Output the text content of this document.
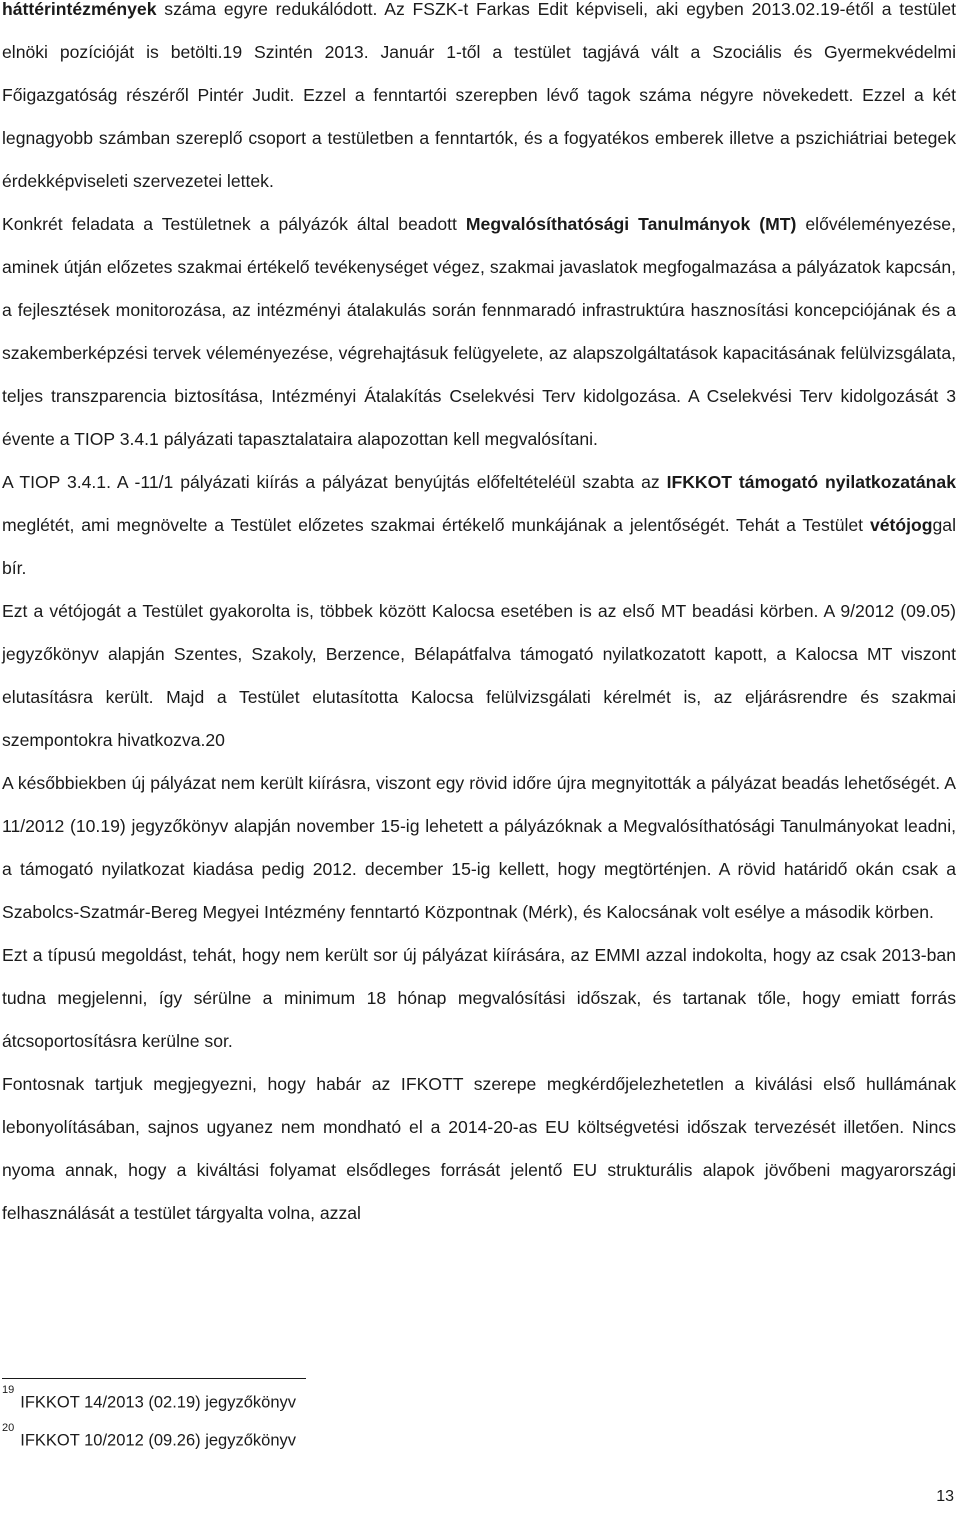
háttérintézmények száma egyre redukálódott. Az FSZK-t Farkas Edit képviseli, aki egyben 2013.02.19-étől a testület elnöki pozícióját is betölti.19 Szintén 2013. Január 1-től a testület tagjává vált a Szociális és Gyermekvédelmi Főigazgatóság részéről Pintér Judit. Ezzel a fenntartói szerepben lévő tagok száma négyre növekedett. Ezzel a két legnagyobb számban szereplő csoport a testületben a fenntartók, és a fogyatékos emberek illetve a pszichiátriai betegek érdekképviseleti szervezetei lettek.

Konkrét feladata a Testületnek a pályázók által beadott Megvalósíthatósági Tanulmányok (MT) elővéleményezése, aminek útján előzetes szakmai értékelő tevékenységet végez, szakmai javaslatok megfogalmazása a pályázatok kapcsán, a fejlesztések monitorozása, az intézményi átalakulás során fennmaradó infrastruktúra hasznosítási koncepciójának és a szakemberképzési tervek véleményezése, végrehajtásuk felügyelete, az alapszolgáltatások kapacitásának felülvizsgálata, teljes transzparencia biztosítása, Intézményi Átalakítás Cselekvési Terv kidolgozása. A Cselekvési Terv kidolgozását 3 évente a TIOP 3.4.1 pályázati tapasztalataira alapozottan kell megvalósítani.

A TIOP 3.4.1. A -11/1 pályázati kiírás a pályázat benyújtás előfeltételéül szabta az IFKKOT támogató nyilatkozatának meglétét, ami megnövelte a Testület előzetes szakmai értékelő munkájának a jelentőségét. Tehát a Testület vétójoggal bír.

Ezt a vétójogát a Testület gyakorolta is, többek között Kalocsa esetében is az első MT beadási körben. A 9/2012 (09.05) jegyzőkönyv alapján Szentes, Szakoly, Berzence, Bélapátfalva támogató nyilatkozatott kapott, a Kalocsa MT viszont elutasításra került. Majd a Testület elutasította Kalocsa felülvizsgálati kérelmét is, az eljárásrendre és szakmai szempontokra hivatkozva.20

A későbbiekben új pályázat nem került kiírásra, viszont egy rövid időre újra megnyitották a pályázat beadás lehetőségét. A 11/2012 (10.19) jegyzőkönyv alapján november 15-ig lehetett a pályázóknak a Megvalósíthatósági Tanulmányokat leadni, a támogató nyilatkozat kiadása pedig 2012. december 15-ig kellett, hogy megtörténjen. A rövid határidő okán csak a Szabolcs-Szatmár-Bereg Megyei Intézmény fenntartó Központnak (Mérk), és Kalocsának volt esélye a második körben.

Ezt a típusú megoldást, tehát, hogy nem került sor új pályázat kiírására, az EMMI azzal indokolta, hogy az csak 2013-ban tudna megjelenni, így sérülne a minimum 18 hónap megvalósítási időszak, és tartanak tőle, hogy emiatt forrás átcsoportosításra kerülne sor.

Fontosnak tartjuk megjegyezni, hogy habár az IFKOTT szerepe megkérdőjelezhetetlen a kiválási első hullámának lebonyolításában, sajnos ugyanez nem mondható el a 2014-20-as EU költségvetési időszak tervezését illetően. Nincs nyoma annak, hogy a kiváltási folyamat elsődleges forrását jelentő EU strukturális alapok jövőbeni magyarországi felhasználását a testület tárgyalta volna, azzal

$^{19}$IFKKOT 14/2013 (02.19) jegyzőkönyv
$^{20}$IFKKOT 10/2012 (09.26) jegyzőkönyv
13
